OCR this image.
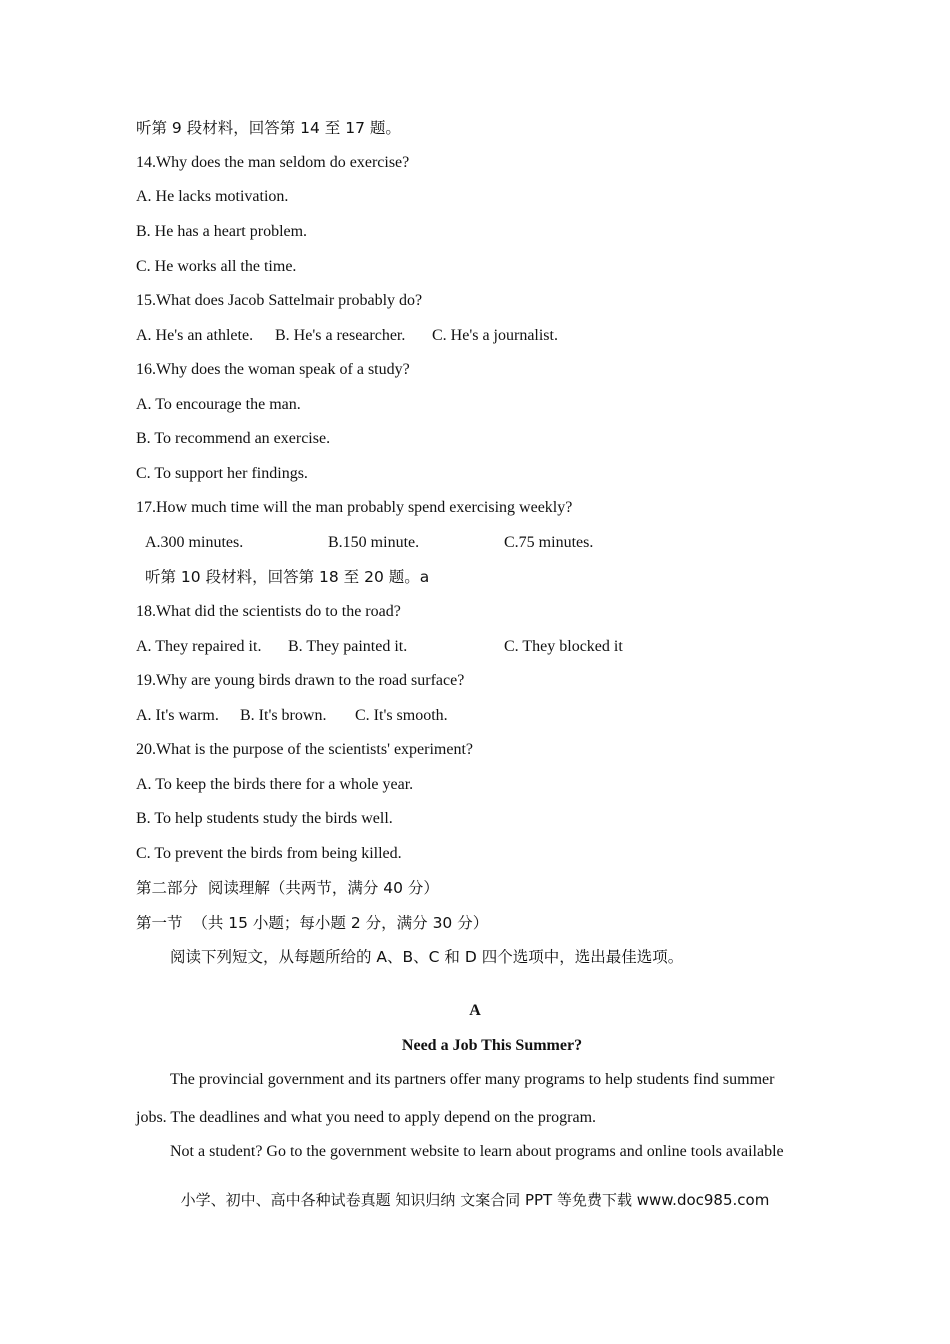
听第 9 段材料，回答第 14 至 17 题。
14.Why does the man seldom do exercise?
A. He lacks motivation.
B. He has a heart problem.
C. He works all the time.
15.What does Jacob Sattelmair probably do?
A. He's an athlete. B. He's a researcher. C. He's a journalist.
16.Why does the woman speak of a study?
A. To encourage the man.
B. To recommend an exercise.
C. To support her findings.
17.How much time will the man probably spend exercising weekly?
A.300 minutes.	B.150 minute.	C.75 minutes.
听第 10 段材料，回答第 18 至 20 题。a
18.What did the scientists do to the road?
A. They repaired it. B. They painted it.	C. They blocked it
19.Why are young birds drawn to the road surface?
A. It's warm. B. It's brown. C. It's smooth.
20.What is the purpose of the scientists' experiment?
A. To keep the birds there for a whole year.
B. To help students study the birds well.
C. To prevent the birds from being killed.
第二部分  阅读理解（共两节，满分 40 分）
第一节  （共 15 小题；每小题 2 分，满分 30 分）
阅读下列短文，从每题所给的 A、B、C 和 D 四个选项中，选出最佳选项。
A
Need a Job This Summer?
The provincial government and its partners offer many programs to help students find summer
jobs. The deadlines and what you need to apply depend on the program.
Not a student? Go to the government website to learn about programs and online tools available
小学、初中、高中各种试卷真题 知识归纳 文案合同 PPT 等免费下载 www.doc985.com
